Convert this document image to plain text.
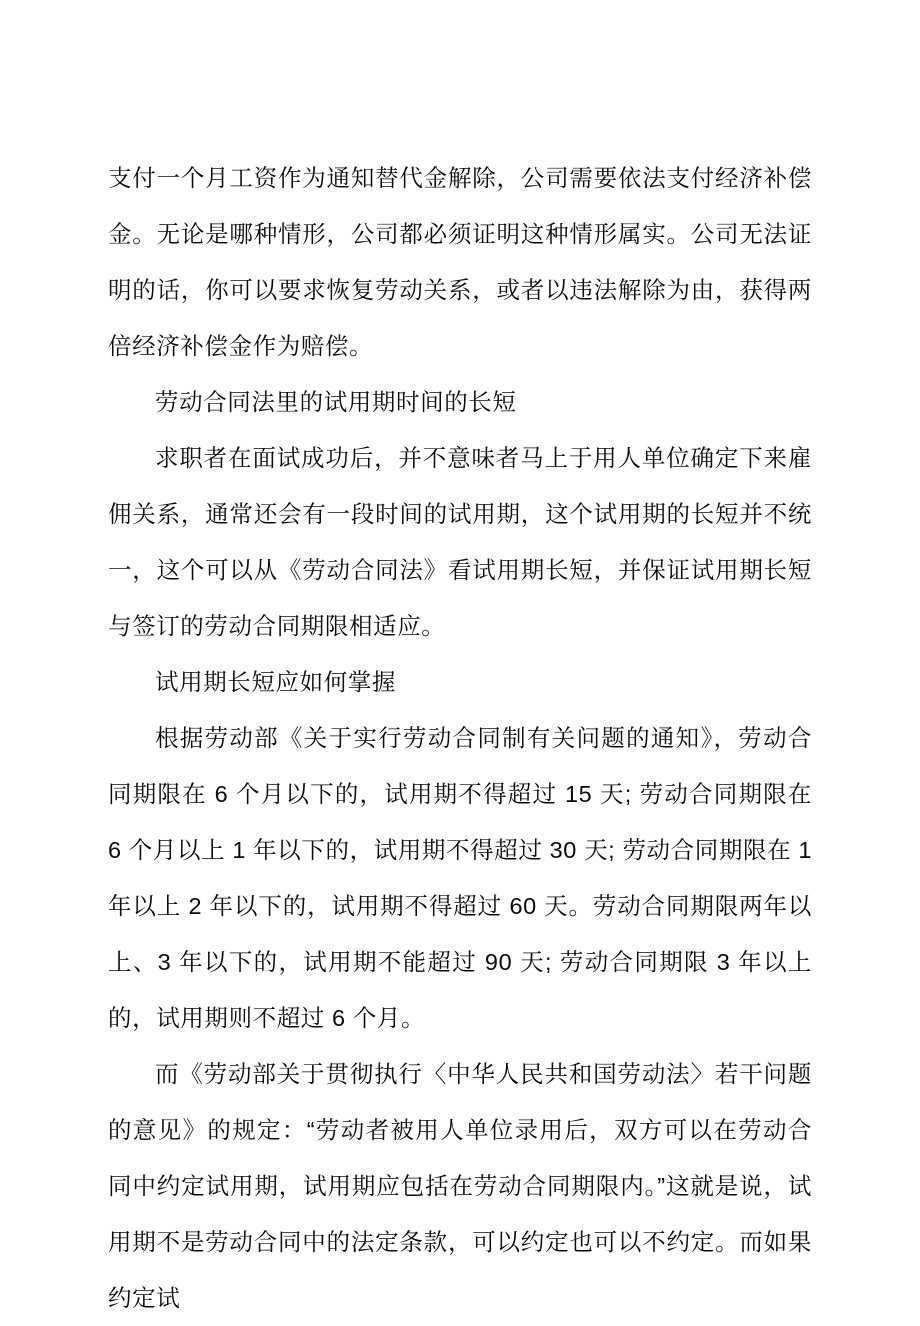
支付一个月工资作为通知替代金解除，公司需要依法支付经济补偿金。无论是哪种情形，公司都必须证明这种情形属实。公司无法证明的话，你可以要求恢复劳动关系，或者以违法解除为由，获得两倍经济补偿金作为赔偿。

劳动合同法里的试用期时间的长短

求职者在面试成功后，并不意味者马上于用人单位确定下来雇佣关系，通常还会有一段时间的试用期，这个试用期的长短并不统一，这个可以从《劳动合同法》看试用期长短，并保证试用期长短与签订的劳动合同期限相适应。

试用期长短应如何掌握

根据劳动部《关于实行劳动合同制有关问题的通知》，劳动合同期限在 6 个月以下的，试用期不得超过 15 天; 劳动合同期限在 6 个月以上 1 年以下的，试用期不得超过 30 天; 劳动合同期限在 1 年以上 2 年以下的，试用期不得超过 60 天。劳动合同期限两年以上、3 年以下的，试用期不能超过 90 天; 劳动合同期限 3 年以上的，试用期则不超过 6 个月。

而《劳动部关于贯彻执行〈中华人民共和国劳动法〉若干问题的意见》的规定：“劳动者被用人单位录用后，双方可以在劳动合同中约定试用期，试用期应包括在劳动合同期限内。”这就是说，试用期不是劳动合同中的法定条款，可以约定也可以不约定。而如果约定试
